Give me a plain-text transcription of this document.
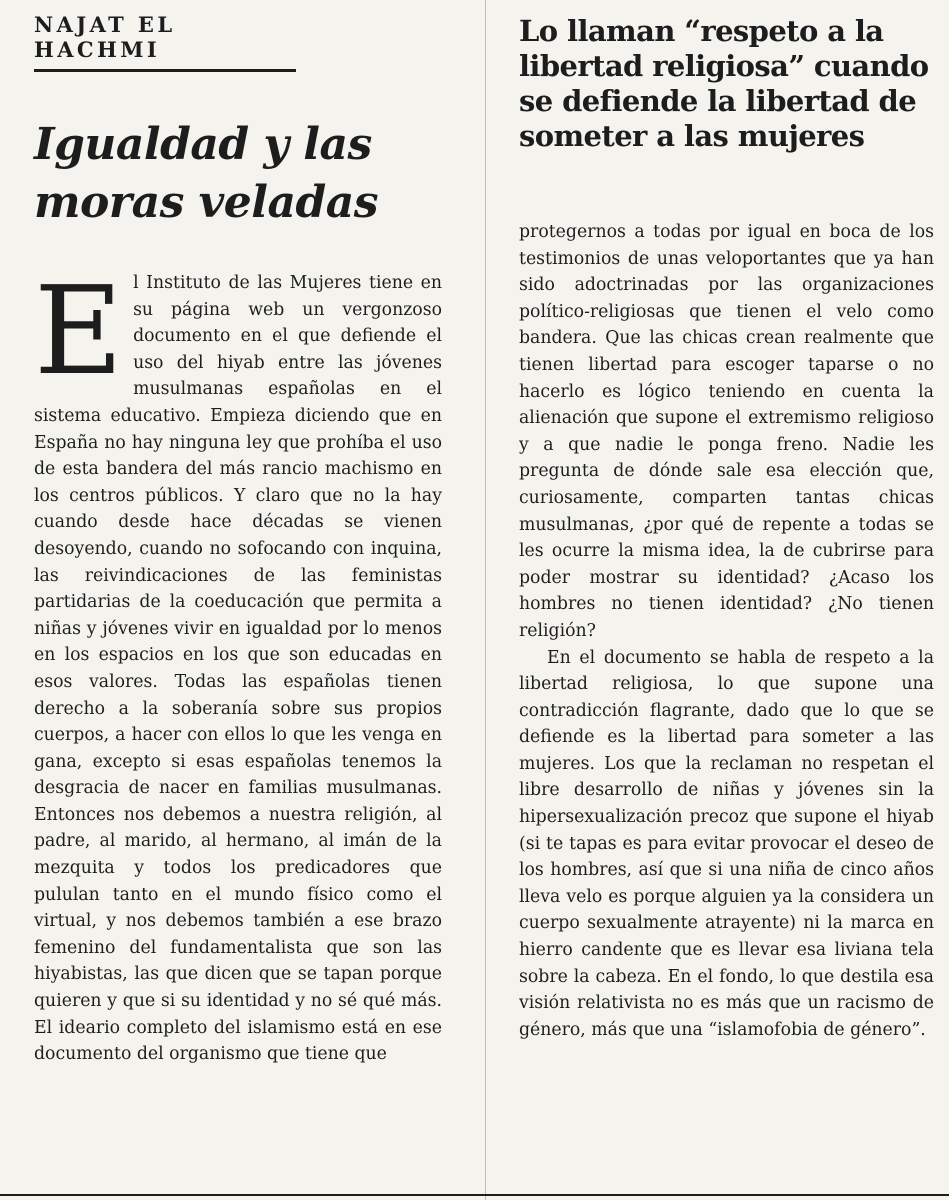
NAJAT EL HACHMI
Igualdad y las
moras veladas

El Instituto de las Mujeres tiene en su página web un vergonzoso documento en el que defiende el uso del hiyab entre las jóvenes musulmanas españolas en el sistema educativo. Empieza diciendo que en España no hay ninguna ley que prohíba el uso de esta bandera del más rancio machismo en los centros públicos. Y claro que no la hay cuando desde hace décadas se vienen desoyendo, cuando no sofocando con inquina, las reivindicaciones de las feministas partidarias de la coeducación que permita a niñas y jóvenes vivir en igualdad por lo menos en los espacios en los que son educadas en esos valores. Todas las españolas tienen derecho a la soberanía sobre sus propios cuerpos, a hacer con ellos lo que les venga en gana, excepto si esas españolas tenemos la desgracia de nacer en familias musulmanas. Entonces nos debemos a nuestra religión, al padre, al marido, al hermano, al imán de la mezquita y todos los predicadores que pululan tanto en el mundo físico como el virtual, y nos debemos también a ese brazo femenino del fundamentalista que son las hiyabistas, las que dicen que se tapan porque quieren y que si su identidad y no sé qué más. El ideario completo del islamismo está en ese documento del organismo que tiene que

Lo llaman “respeto a la libertad religiosa” cuando se defiende la libertad de someter a las mujeres

protegernos a todas por igual en boca de los testimonios de unas veloportantes que ya han sido adoctrinadas por las organizaciones político-religiosas que tienen el velo como bandera. Que las chicas crean realmente que tienen libertad para escoger taparse o no hacerlo es lógico teniendo en cuenta la alienación que supone el extremismo religioso y a que nadie le ponga freno. Nadie les pregunta de dónde sale esa elección que, curiosamente, comparten tantas chicas musulmanas, ¿por qué de repente a todas se les ocurre la misma idea, la de cubrirse para poder mostrar su identidad? ¿Acaso los hombres no tienen identidad? ¿No tienen religión?

En el documento se habla de respeto a la libertad religiosa, lo que supone una contradicción flagrante, dado que lo que se defiende es la libertad para someter a las mujeres. Los que la reclaman no respetan el libre desarrollo de niñas y jóvenes sin la hipersexualización precoz que supone el hiyab (si te tapas es para evitar provocar el deseo de los hombres, así que si una niña de cinco años lleva velo es porque alguien ya la considera un cuerpo sexualmente atrayente) ni la marca en hierro candente que es llevar esa liviana tela sobre la cabeza. En el fondo, lo que destila esa visión relativista no es más que un racismo de género, más que una “islamofobia de género”.
